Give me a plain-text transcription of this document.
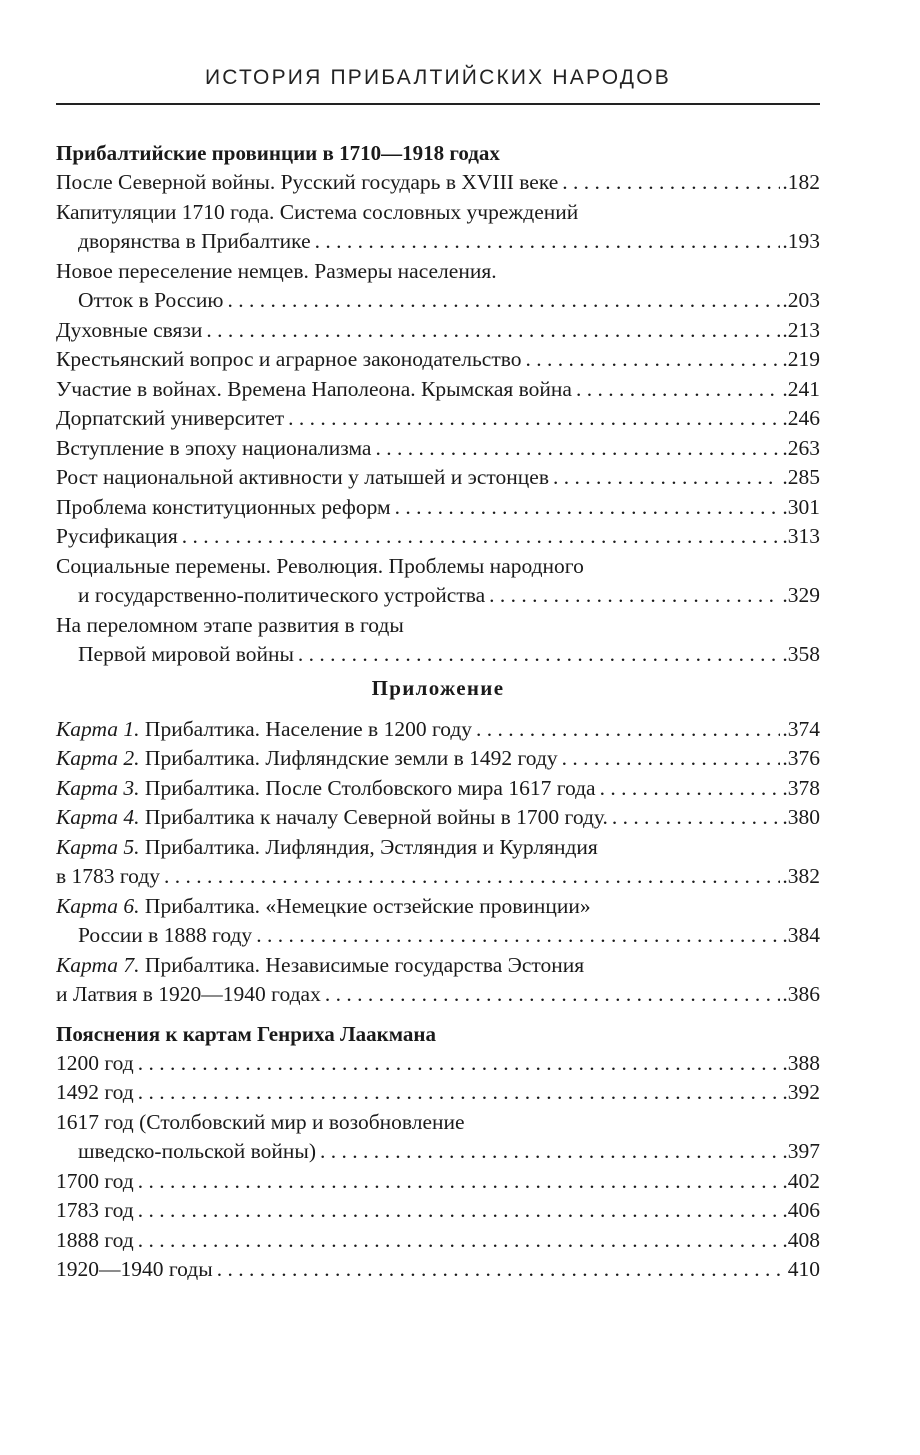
ИСТОРИЯ ПРИБАЛТИЙСКИХ НАРОДОВ
Прибалтийские провинции в 1710—1918 годах
После Северной войны. Русский государь в XVIII веке . . .	.182
Капитуляции 1710 года. Система сословных учреждений
дворянства в Прибалтике . . .	.193
Новое переселение немцев. Размеры населения.
Отток в Россию . . .	.203
Духовные связи . . .	.213
Крестьянский вопрос и аграрное законодательство . . .	.219
Участие в войнах. Времена Наполеона. Крымская война . . .	.241
Дорпатский университет . . .	.246
Вступление в эпоху национализма . . .	.263
Рост национальной активности у латышей и эстонцев . . .	.285
Проблема конституционных реформ . . .	.301
Русификация . . .	.313
Социальные перемены. Революция. Проблемы народного
и государственно-политического устройства . . .	.329
На переломном этапе развития в годы
Первой мировой войны . . .	.358
Приложение
Карта 1. Прибалтика. Население в 1200 году . . .	.374
Карта 2. Прибалтика. Лифляндские земли в 1492 году . . .	.376
Карта 3. Прибалтика. После Столбовского мира 1617 года . . .	.378
Карта 4. Прибалтика к началу Северной войны в 1700 году. . . .	.380
Карта 5. Прибалтика. Лифляндия, Эстляндия и Курляндия
в 1783 году . . .	.382
Карта 6. Прибалтика. «Немецкие остзейские провинции»
России в 1888 году . . .	.384
Карта 7. Прибалтика. Независимые государства Эстония
и Латвия в 1920—1940 годах . . .	.386
Пояснения к картам Генриха Лаакмана
1200 год . . .	.388
1492 год . . .	.392
1617 год (Столбовский мир и возобновление
шведско-польской войны) . . .	.397
1700 год . . .	.402
1783 год . . .	.406
1888 год . . .	.408
1920—1940 годы . . .	410
